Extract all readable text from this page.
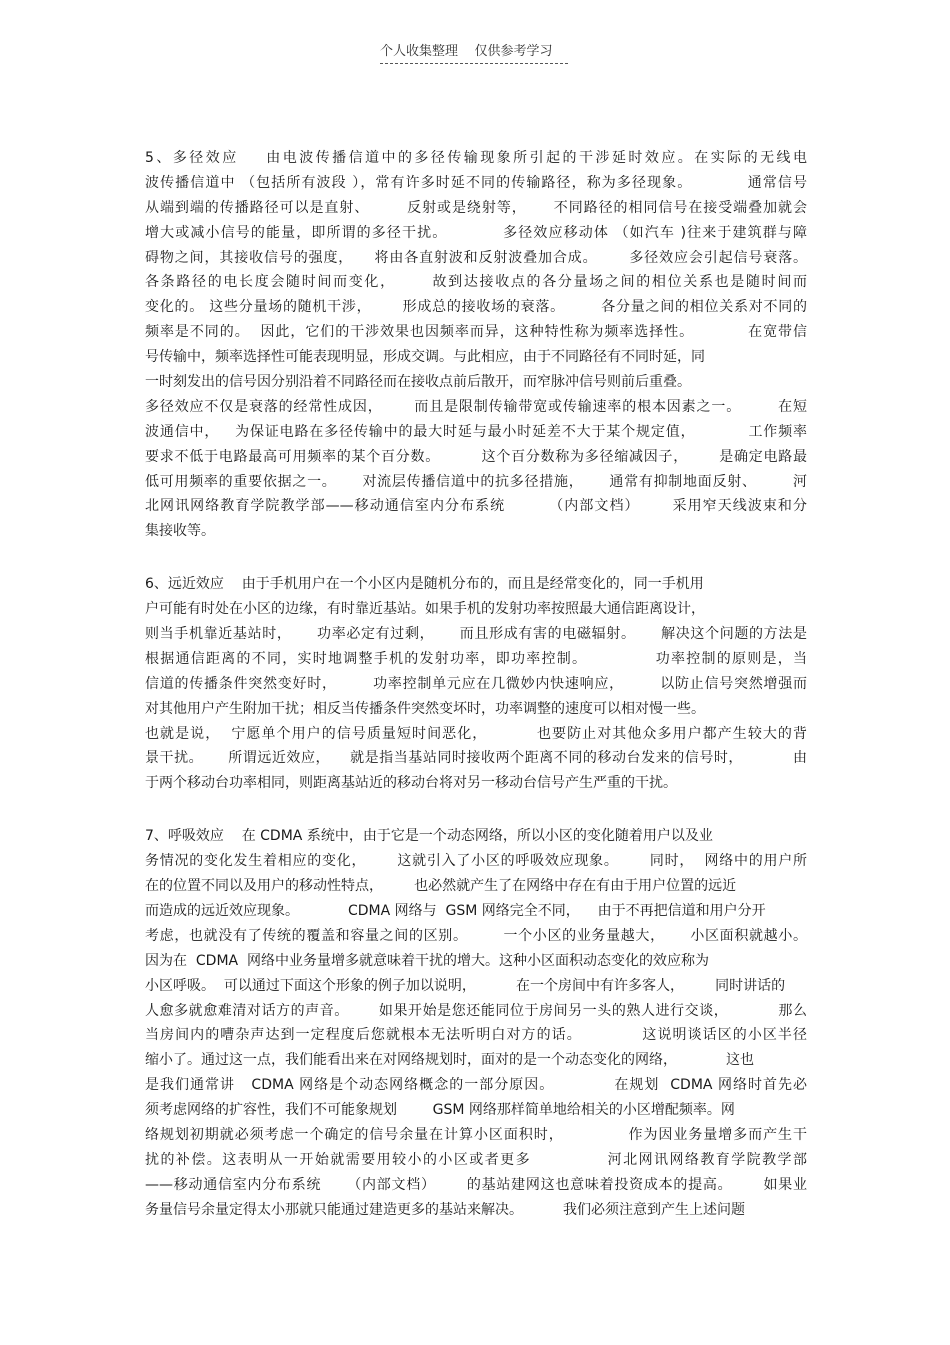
个人收集整理    仅供参考学习
5、多径效应    由电波传播信道中的多径传输现象所引起的干涉延时效应。在实际的无线电
波传播信道中 （包括所有波段 ），常有许多时延不同的传输路径，称为多径现象。          通常信号
从端到端的传播路径可以是直射、       反射或是绕射等，     不同路径的相同信号在接受端叠加就会
增大或减小信号的能量，即所谓的多径干扰。          多径效应移动体 （如汽车 )往来于建筑群与障
碍物之间，其接收信号的强度，    将由各直射波和反射波叠加合成。      多径效应会引起信号衰落。
各条路径的电长度会随时间而变化，      故到达接收点的各分量场之间的相位关系也是随时间而
变化的。 这些分量场的随机干涉，      形成总的接收场的衰落。       各分量之间的相位关系对不同的
频率是不同的。  因此，它们的干涉效果也因频率而异，这种特性称为频率选择性。          在宽带信
号传输中，频率选择性可能表现明显，形成交调。与此相应，由于不同路径有不同时延，同
一时刻发出的信号因分别沿着不同路径而在接收点前后散开，而窄脉冲信号则前后重叠。
多径效应不仅是衰落的经常性成因，      而且是限制传输带宽或传输速率的根本因素之一。       在短
波通信中，   为保证电路在多径传输中的最大时延与最小时延差不大于某个规定值，          工作频率
要求不低于电路最高可用频率的某个百分数。        这个百分数称为多径缩减因子，      是确定电路最
低可用频率的重要依据之一。     对流层传播信道中的抗多径措施，     通常有抑制地面反射、       河
北网讯网络教育学院教学部——移动通信室内分布系统        （内部文档）      采用窄天线波束和分
集接收等。
6、远近效应    由于手机用户在一个小区内是随机分布的，而且是经常变化的，同一手机用
户可能有时处在小区的边缘，有时靠近基站。如果手机的发射功率按照最大通信距离设计，
则当手机靠近基站时，     功率必定有过剩，     而且形成有害的电磁辐射。     解决这个问题的方法是
根据通信距离的不同，实时地调整手机的发射功率，即功率控制。            功率控制的原则是，当
信道的传播条件突然变好时，       功率控制单元应在几微妙内快速响应，       以防止信号突然增强而
对其他用户产生附加干扰；相反当传播条件突然变坏时，功率调整的速度可以相对慢一些。
也就是说，  宁愿单个用户的信号质量短时间恶化，         也要防止对其他众多用户都产生较大的背
景干扰。     所谓远近效应，    就是指当基站同时接收两个距离不同的移动台发来的信号时，          由
于两个移动台功率相同，则距离基站近的移动台将对另一移动台信号产生严重的干扰。
7、呼吸效应    在 CDMA 系统中，由于它是一个动态网络，所以小区的变化随着用户以及业
务情况的变化发生着相应的变化，      这就引入了小区的呼吸效应现象。      同时，  网络中的用户所
在的位置不同以及用户的移动性特点，       也必然就产生了在网络中存在有由于用户位置的远近
而造成的远近效应现象。           CDMA 网络与  GSM 网络完全不同，    由于不再把信道和用户分开
考虑，也就没有了传统的覆盖和容量之间的区别。       一个小区的业务量越大，     小区面积就越小。
因为在  CDMA  网络中业务量增多就意味着干扰的增大。这种小区面积动态变化的效应称为
小区呼吸。  可以通过下面这个形象的例子加以说明，         在一个房间中有许多客人，       同时讲话的
人愈多就愈难清对话方的声音。      如果开始是您还能同位于房间另一头的熟人进行交谈，          那么
当房间内的嘈杂声达到一定程度后您就根本无法听明白对方的话。           这说明谈话区的小区半径
缩小了。通过这一点，我们能看出来在对网络规划时，面对的是一个动态变化的网络，           这也
是我们通常讲   CDMA 网络是个动态网络概念的一部分原因。           在规划  CDMA 网络时首先必
须考虑网络的扩容性，我们不可能象规划        GSM 网络那样简单地给相关的小区增配频率。网
络规划初期就必须考虑一个确定的信号余量在计算小区面积时，            作为因业务量增多而产生干
扰的补偿。这表明从一开始就需要用较小的小区或者更多             河北网讯网络教育学院教学部
——移动通信室内分布系统     （内部文档）      的基站建网这也意味着投资成本的提高。      如果业
务量信号余量定得太小那就只能通过建造更多的基站来解决。         我们必须注意到产生上述问题
